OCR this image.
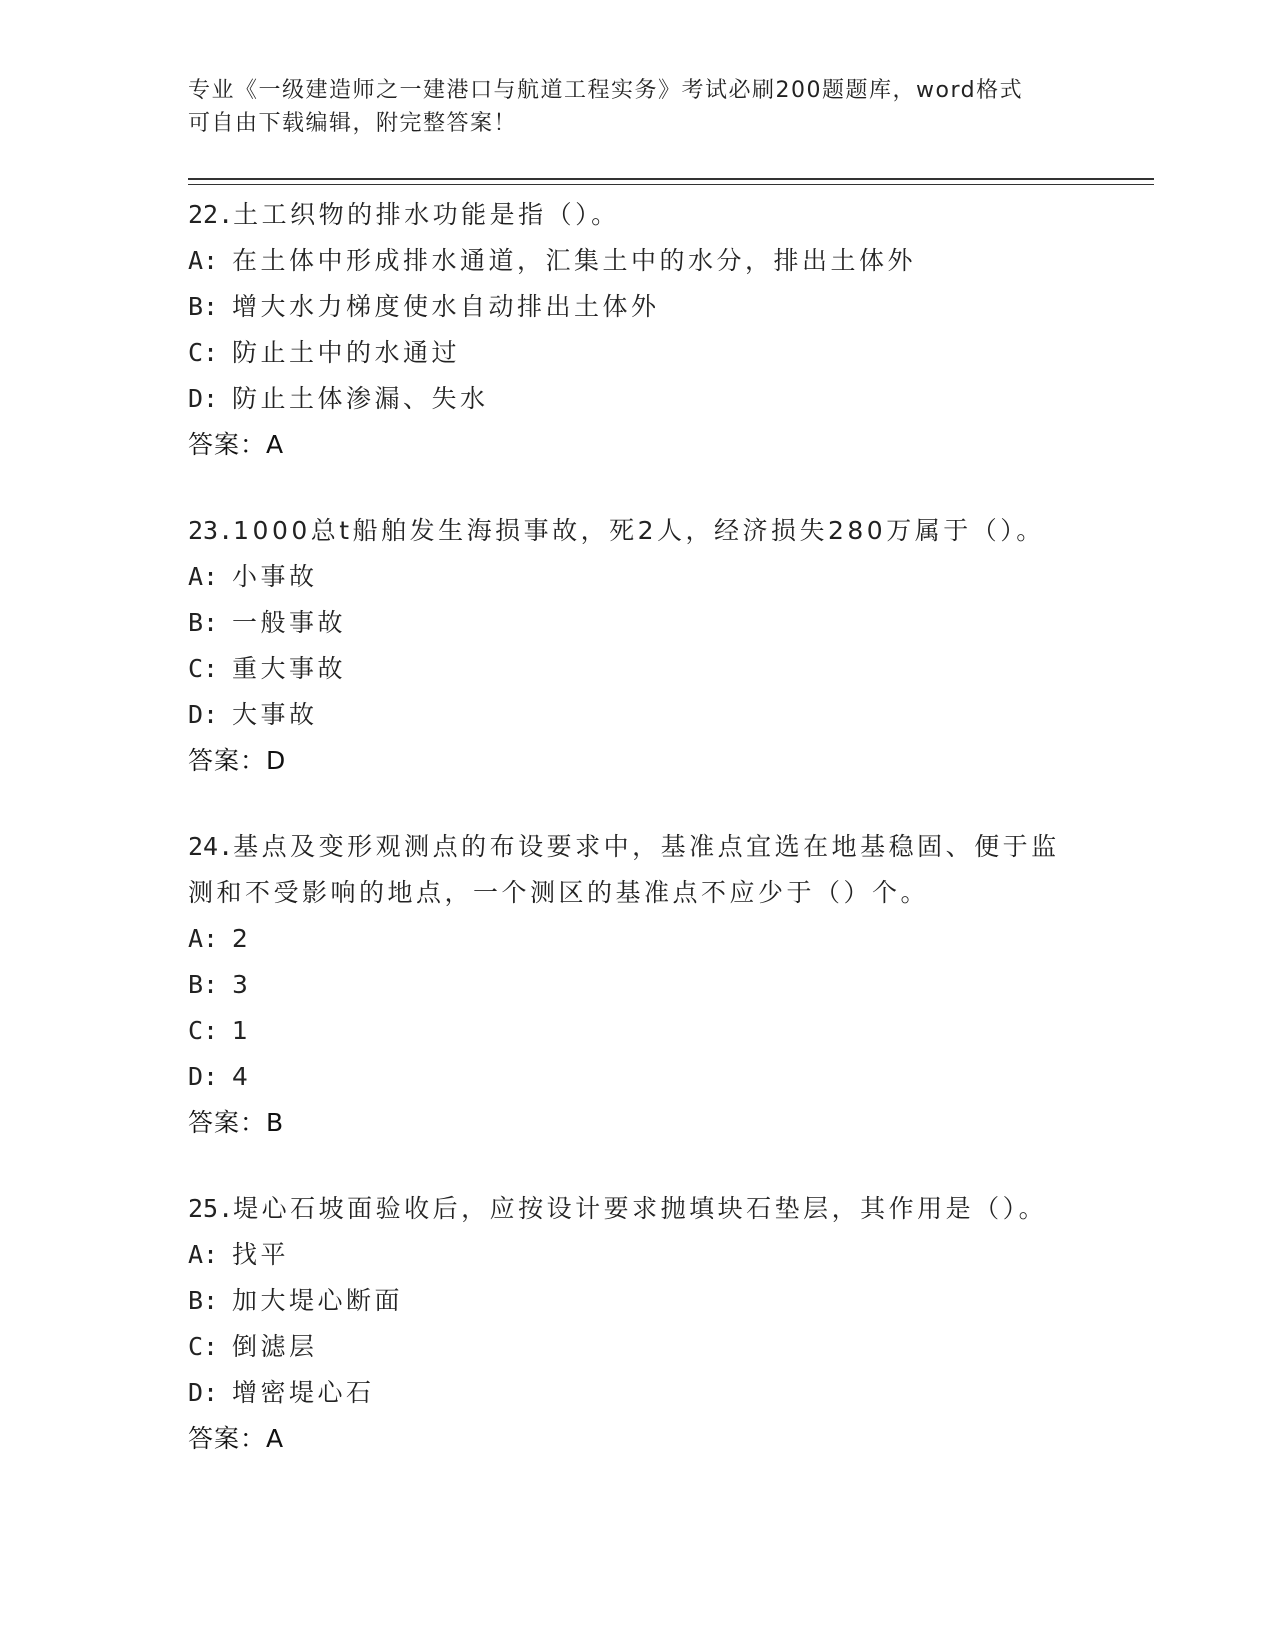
专业《一级建造师之一建港口与航道工程实务》考试必刷200题题库，word格式
可自由下载编辑，附完整答案！

22.土工织物的排水功能是指（）。

A: 在土体中形成排水通道，汇集土中的水分，排出土体外

B: 增大水力梯度使水自动排出土体外

C: 防止土中的水通过

D: 防止土体渗漏、失水

答案：A

23.1000总t船舶发生海损事故，死2人，经济损失280万属于（）。

A: 小事故

B: 一般事故

C: 重大事故

D: 大事故

答案：D

24.基点及变形观测点的布设要求中，基准点宜选在地基稳固、便于监测和不受影响的地点，一个测区的基准点不应少于（）个。

A: 2

B: 3

C: 1

D: 4

答案：B

25.堤心石坡面验收后，应按设计要求抛填块石垫层，其作用是（）。

A: 找平

B: 加大堤心断面

C: 倒滤层

D: 增密堤心石

答案：A
